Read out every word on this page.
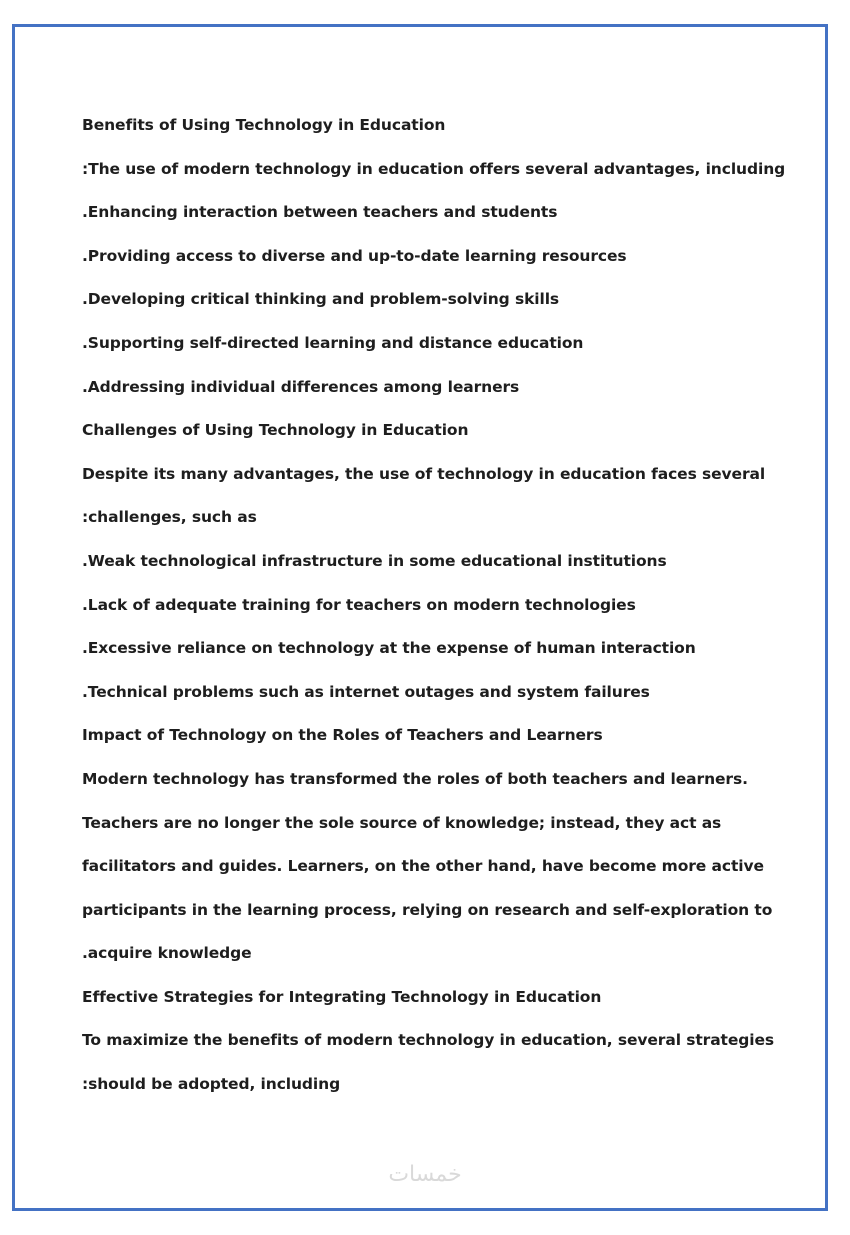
Benefits of Using Technology in Education
:The use of modern technology in education offers several advantages, including
.Enhancing interaction between teachers and students
.Providing access to diverse and up-to-date learning resources
.Developing critical thinking and problem-solving skills
.Supporting self-directed learning and distance education
.Addressing individual differences among learners
Challenges of Using Technology in Education
Despite its many advantages, the use of technology in education faces several
:challenges, such as
.Weak technological infrastructure in some educational institutions
.Lack of adequate training for teachers on modern technologies
.Excessive reliance on technology at the expense of human interaction
.Technical problems such as internet outages and system failures
Impact of Technology on the Roles of Teachers and Learners
Modern technology has transformed the roles of both teachers and learners.
Teachers are no longer the sole source of knowledge; instead, they act as
facilitators and guides. Learners, on the other hand, have become more active
participants in the learning process, relying on research and self-exploration to
.acquire knowledge
Effective Strategies for Integrating Technology in Education
To maximize the benefits of modern technology in education, several strategies
:should be adopted, including
خمسات
